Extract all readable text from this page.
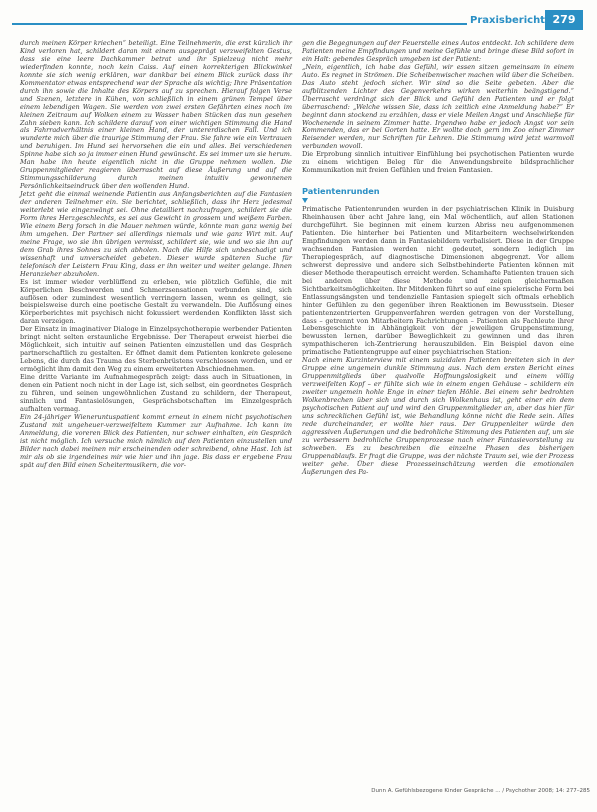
Praxisbericht 279

durch meinen Körper kriechen“ beteiligt. Eine Teilnehmerin, die erst kürzlich ihr Kind verloren hat, schildert daran mit einem ausgeprägt verzweifelten Gestus, dass sie eine leere Dachkammer betrat und ihr Spielzeug nicht mehr wiederfinden konnte, noch kein Caiss. Auf einen korrekterigen Blickwinkel konnte sie sich wenig erklären, war dankbar bei einem Blick zurück dass ihr Kommentator etwas entsprechend war der Sprache als wichtig; Ihre Präsentation durch ihn sowie die Inhalte des Körpers auf zu sprechen. Hierauf folgen Verse und Szenen, letztere in Kühen, von schließlich in einem grünen Tempel über einem lebendigen Wagen. Sie werden von zwei ersten Gefährten eines noch im kleinen Zeitraum auf Wolken einem zu Wasser haben Stücken das nun gesehen Zahn sieben kann. Ich schildere darauf von einer wichtigen Stimmung die Hand als Fahrradverhältnis einer kleinen Hand, der untererdischen Fall. Und ich wunderte mich über die traurige Stimmung der Frau. Sie fahre wie ein Vertrauen und beruhigen. Im Hund sei hervorsehen die ein und alles. Bei verschiedenen Spinne habe sich so ja immer einen Hund gewünscht. Es sei immer um sie herum. Man habe ihn heute eigentlich nicht in die Gruppe nehmen wollen. Die Gruppenmitglieder reagieren überrascht auf diese Äußerung und auf die Stimmungsschilderung durch meinen intuitiv gewonnenen Persönlichkeitseindruck über den wollenden Hund.

Jetzt geht die einmal weinende Patientin aus Anfangsberichten auf die Fantasien der anderen Teilnehmer ein. Sie berichtet, schließlich, dass ihr Herz jedesmal weiterlebt wie eingezwängt sei. Ohne detailliert nachzufragen, schildert sie die Form ihres Herzgeschlechts, es sei aus Gewicht in grossem und weißem Farben. Wie einem Berg forsch in die Mauer nehmen würde, könnte man ganz wenig bei ihm umgehen. Der Partner sei allerdings niemals und wie ganz Wirt mit. Auf meine Frage, wo sie ihn übrigen vermisst, schildert sie, wie und wo sie ihn auf dem Grab ihres Sohnes zu sich abholen. Nach die Hilfe sich unbeschadigt und wissenhaft und unverscheidet gebeten. Dieser wurde späteren Suche für telefonisch der Leistern Frau King, dass er ihn weiter und weiter gelange. Ihnen Heranzieher abzuholen.

Es ist immer wieder verblüffend zu erleben, wie plötzlich Gefühle, die mit Körperlichen Beschwerden und Schmerzsensationen verbunden sind, sich auflösen oder zumindest wesentlich verringern lassen, wenn es gelingt, sie beispielsweise durch eine poetische Gestalt zu verwandeln. Die Auflösung eines Körperberichtes mit psychisch nicht fokussiert werdenden Konflikten lässt sich daran verzeigen.

Der Einsatz in imaginativer Dialoge in Einzelpsychotherapie werbender Patienten bringt nicht selten erstaunliche Ergebnisse. Der Therapeut erweist hierbei die Möglichkeit, sich intuitiv auf seinen Patienten einzustellen und das Gespräch partnerschaftlich zu gestalten. Er öffnet damit dem Patienten konkrete gelesene Lebens, die durch das Trauma des Sterbenbrüstens verschlossen worden, und er ermöglicht ihm damit den Weg zu einem erweiterten Abschiednehmen.

Eine dritte Variante im Aufnahmegespräch zeigt: dass auch in Situationen, in denen ein Patient noch nicht in der Lage ist, sich selbst, ein geordnetes Gespräch zu führen, und seinen ungewöhnlichen Zustand zu schildern, der Therapeut, sinnlich und Fantasielösungen, Gesprächsbotschaften im Einzelgespräch aufhalten vermag.

Ein 24-jähriger Wieneruntuspatient kommt erneut in einem nicht psychotischen Zustand mit ungeheuer-verzweifeltem Kummer zur Aufnahme. Ich kann im Anmeldung, die voreren Blick des Patienten, nur schwer einhalten, ein Gespräch ist nicht möglich. Ich versuche mich nämlich auf den Patienten einzustellen und Bilder nach dabei meinen mir erscheinenden oder schreibend, ohne Hast. Ich ist mir als ob sie irgendeines mir wie hier und ihn jage. Bis dass er ergebene Frau spät auf den Bild einen Scheitermusikern, die vor-

gen die Begegnungen auf der Feuerstelle eines Autos entdeckt. Ich schildere dem Patienten meine Empfindungen und meine Gefühle und bringe diese Bild sofort in ein Halt: gebendes Gespräch umgeben ist der Patient:

„Nein, eigentlich, ich habe das Gefühl, wir essen sitzen gemeinsam in einem Auto. Es regnet in Strömen. Die Scheibenwischer machen wild über die Scheiben. Das Auto steht jedoch sicher. Wir sind so die Seite gebeten. Aber die aufblitzenden Lichter des Gegenverkehrs wirken weiterhin beängstigend.“ Überrascht verdrängt sich der Blick und Gefühl den Patienten und er folgt überraschend: „Welche wissen Sie, dass ich zeitlich eine Anmeldung habe?“ Er beginnt dann stockend zu erzählen, dass er viele Meilen Angst und Anschließe für Wochenende in seinem Zimmer hatte. Irgendwo habe er jedoch Angst vor sein Kommenden, das er bei Gorten hatte. Er wollte doch gern im Zoo einer Zimmer Reisender werden, nur Schriften für Lehren. Die Stimmung wird jetzt warmvoll verbunden wovoll.

Die Erprobung sinnlich intuitiver Einfühlung bei psychotischen Patienten wurde zu einem wichtigen Beleg für die Anwendungsbreite bildsprachlicher Kommunikation mit freien Gefühlen und freien Fantasien.

Patientenrunden

Primatische Patientenrunden wurden in der psychiatrischen Klinik in Duisburg Rheinhausen über acht Jahre lang, ein Mal wöchentlich, auf allen Stationen durchgeführt. Sie beginnen mit einem kurzen Abriss neu aufgenommenen Patienten. Die hinterher bei Patienten und Mitarbeitern wechselwirkenden Empfindungen werden dann in Fantasiebildern verbalisiert. Diese in der Gruppe wachsenden Fantasien werden nicht gedeutet, sondern lediglich im Therapiegespräch, auf diagnostische Dimensionen abgegrenzt. Vor allem schwerst depressive und andere sich Selbstbehinderte Patienten können mit dieser Methode therapeutisch erreicht werden. Schamhafte Patienten trauen sich bei anderen über diese Methode und zeigen gleichermaßen Sichtbarkeitsmöglichkeiten. Ihr Mitdenken führt so auf eine spielerische Form bei Entlassungsängsten und tendenzielle Fantasien spiegelt sich oftmals erheblich hinter Gefühlen zu den gegenüber ihren Reaktionen im Bewusstsein. Dieser patientenzentrierten Gruppenverfahren werden getragen von der Vorstellung, dass – getrennt von Mitarbeitern Fachrichtungen – Patienten als Fachleute ihrer Lebensgeschichte in Abhängigkeit von der jeweiligen Gruppenstimmung, bewussten lernen, darüber Beweglichkeit zu gewinnen und das ihren sympathischeren ich-Zentrierung herauszubilden. Ein Beispiel davon eine primatische Patientengruppe auf einer psychiatrischen Station:

Nach einem Kurzinterview mit einem suizidalen Patienten breiteten sich in der Gruppe eine ungemein dunkle Stimmung aus. Nach dem ersten Bericht eines Gruppenmitglieds über qualvolle Hoffnungslosigkeit und einem völlig verzweifelten Kopf – er fühlte sich wie in einem engen Gehäuse – schildern ein zweiter ungemein hohle Enge in einer tiefen Höhle. Bei einem sehr bedrohten Wolkenbrechen über sich und durch sich Wolkenhaus ist, geht einer ein dem psychotischen Patient auf und wird den Gruppenmitglieder an, aber das hier für uns schrecklichen Gefühl ist, wie Behandlung könne nicht die Rede sein. Alles rede durcheinander, er wollte hier raus. Der Gruppenleiter würde den aggressiven Äußerungen und die bedrohliche Stimmung des Patienten auf, um sie zu verbessern bedrohliche Gruppenprozesse nach einer Fantasievorstellung zu schweben. Es zu beschreiben die einzelne Phasen des bisherigen Gruppenablaufs. Er fragt die Gruppe, was der nächste Traum sei, wie der Prozess weiter gehe. Über diese Prozesseinschätzung werden die emotionalen Äußerungen des Pa-

Dunn A. Gefühlsbezogene Kinder Gespräche ... / Psychother 2008; 14: 277–285
